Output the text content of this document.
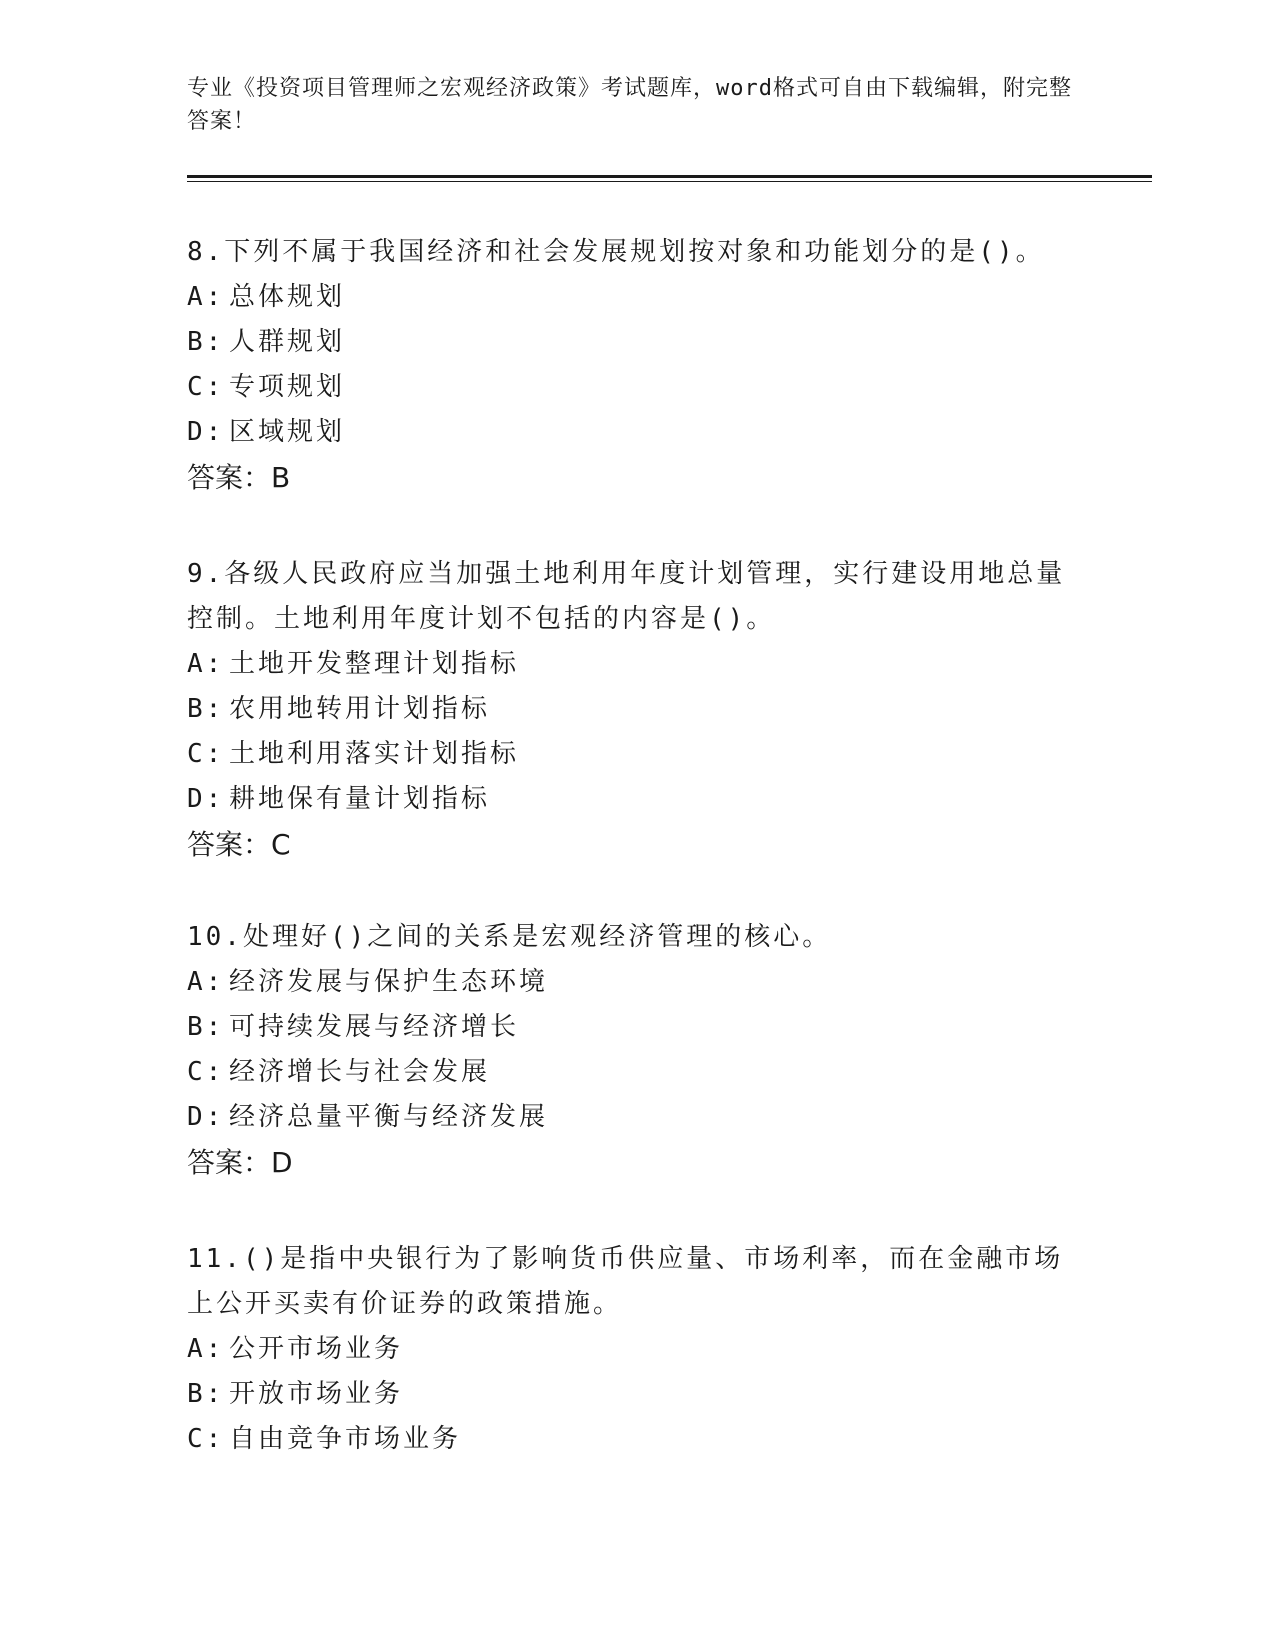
专业《投资项目管理师之宏观经济政策》考试题库，word格式可自由下载编辑，附完整答案！

8.下列不属于我国经济和社会发展规划按对象和功能划分的是()。

A: 总体规划

B: 人群规划

C: 专项规划

D: 区域规划

答案：B

9.各级人民政府应当加强土地利用年度计划管理，实行建设用地总量控制。土地利用年度计划不包括的内容是()。

A: 土地开发整理计划指标

B: 农用地转用计划指标

C: 土地利用落实计划指标

D: 耕地保有量计划指标

答案：C

10.处理好()之间的关系是宏观经济管理的核心。

A: 经济发展与保护生态环境

B: 可持续发展与经济增长

C: 经济增长与社会发展

D: 经济总量平衡与经济发展

答案：D

11.()是指中央银行为了影响货币供应量、市场利率，而在金融市场上公开买卖有价证券的政策措施。

A: 公开市场业务

B: 开放市场业务

C: 自由竞争市场业务
